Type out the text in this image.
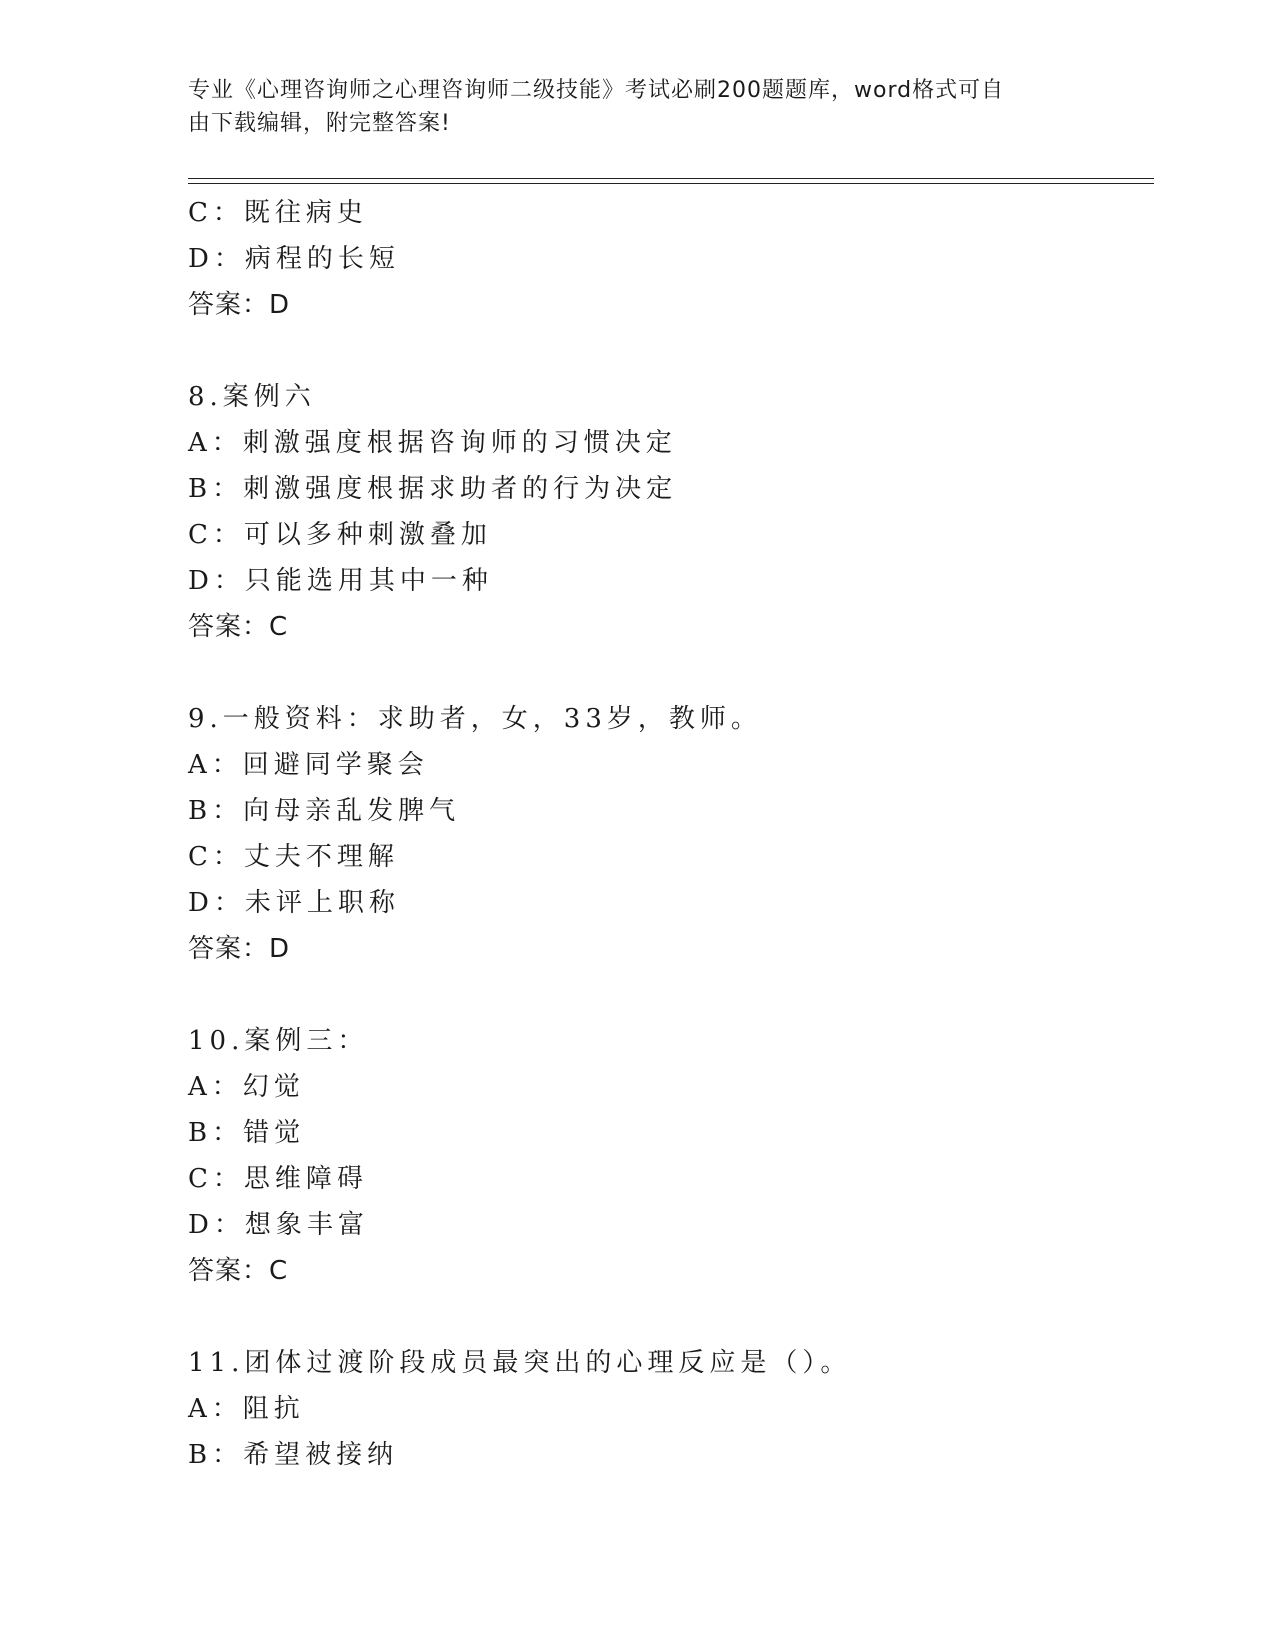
专业《心理咨询师之心理咨询师二级技能》考试必刷200题题库，word格式可自
由下载编辑，附完整答案!
C：既往病史
D：病程的长短
答案：D
8.案例六
A：刺激强度根据咨询师的习惯决定
B：刺激强度根据求助者的行为决定
C：可以多种刺激叠加
D：只能选用其中一种
答案：C
9.一般资料：求助者，女，33岁，教师。
A：回避同学聚会
B：向母亲乱发脾气
C：丈夫不理解
D：未评上职称
答案：D
10.案例三：
A：幻觉
B：错觉
C：思维障碍
D：想象丰富
答案：C
11.团体过渡阶段成员最突出的心理反应是（）。
A：阻抗
B：希望被接纳
